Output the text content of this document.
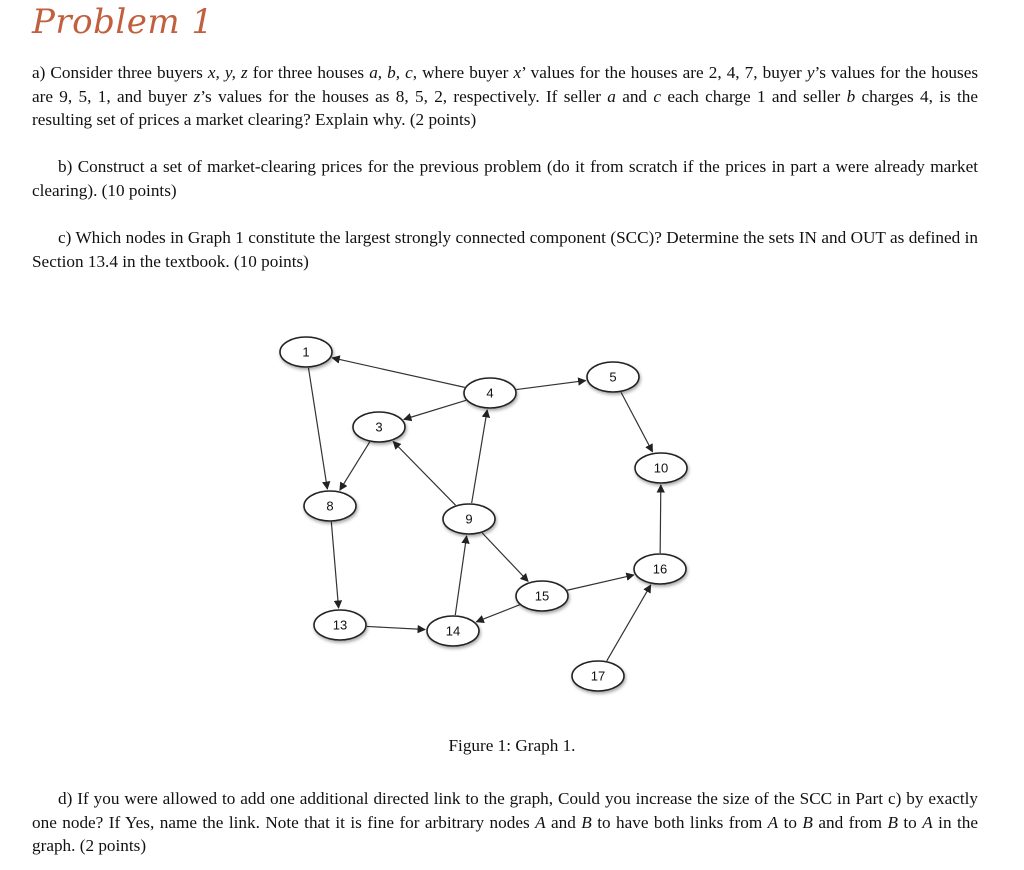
Problem 1
a) Consider three buyers x, y, z for three houses a, b, c, where buyer x’ values for the houses are 2, 4, 7, buyer y’s values for the houses are 9, 5, 1, and buyer z’s values for the houses as 8, 5, 2, respectively. If seller a and c each charge 1 and seller b charges 4, is the resulting set of prices a market clearing? Explain why. (2 points)
b) Construct a set of market-clearing prices for the previous problem (do it from scratch if the prices in part a were already market clearing). (10 points)
c) Which nodes in Graph 1 constitute the largest strongly connected component (SCC)? Determine the sets IN and OUT as defined in Section 13.4 in the textbook. (10 points)
1
3
4
5
8
9
10
13	14
15
16
17
Figure 1: Graph 1.
d) If you were allowed to add one additional directed link to the graph, Could you increase the size of the SCC in Part c) by exactly one node? If Yes, name the link. Note that it is fine for arbitrary nodes A and B to have both links from A to B and from B to A in the graph. (2 points)
